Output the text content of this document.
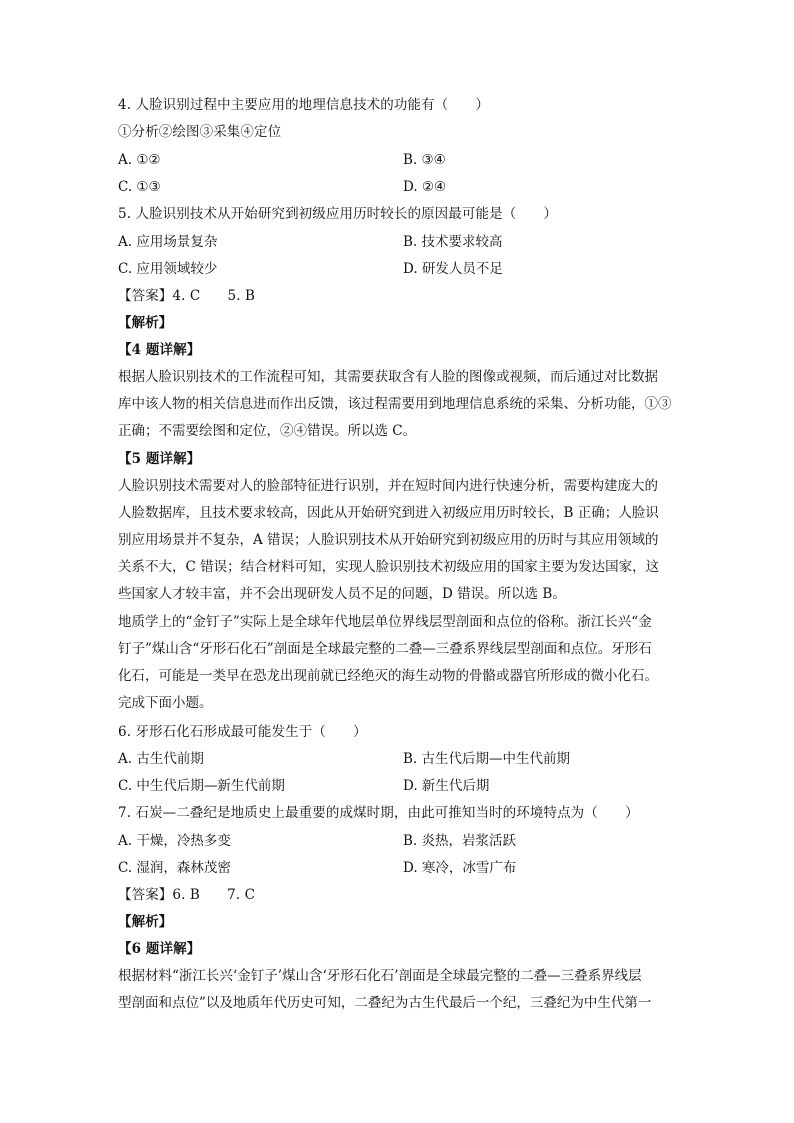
4. 人脸识别过程中主要应用的地理信息技术的功能有（　　）
①分析②绘图③采集④定位
A. ①②	B. ③④
C. ①③	D. ②④
5. 人脸识别技术从开始研究到初级应用历时较长的原因最可能是（　　）
A. 应用场景复杂	B. 技术要求较高
C. 应用领域较少	D. 研发人员不足
【答案】4. C　　5. B
【解析】
【4 题详解】
根据人脸识别技术的工作流程可知，其需要获取含有人脸的图像或视频，而后通过对比数据
库中该人物的相关信息进而作出反馈，该过程需要用到地理信息系统的采集、分析功能，①③
正确；不需要绘图和定位，②④错误。所以选 C。
【5 题详解】
人脸识别技术需要对人的脸部特征进行识别，并在短时间内进行快速分析，需要构建庞大的
人脸数据库，且技术要求较高，因此从开始研究到进入初级应用历时较长，B 正确；人脸识
别应用场景并不复杂，A 错误；人脸识别技术从开始研究到初级应用的历时与其应用领域的
关系不大，C 错误；结合材料可知，实现人脸识别技术初级应用的国家主要为发达国家，这
些国家人才较丰富，并不会出现研发人员不足的问题，D 错误。所以选 B。
地质学上的“金钉子”实际上是全球年代地层单位界线层型剖面和点位的俗称。浙江长兴“金
钉子”煤山含“牙形石化石”剖面是全球最完整的二叠—三叠系界线层型剖面和点位。牙形石
化石，可能是一类早在恐龙出现前就已经绝灭的海生动物的骨骼或器官所形成的微小化石。
完成下面小题。
6. 牙形石化石形成最可能发生于（　　）
A. 古生代前期	B. 古生代后期—中生代前期
C. 中生代后期—新生代前期	D. 新生代后期
7. 石炭—二叠纪是地质史上最重要的成煤时期，由此可推知当时的环境特点为（　　）
A. 干燥，冷热多变	B. 炎热，岩浆活跃
C. 湿润，森林茂密	D. 寒冷，冰雪广布
【答案】6. B　　7. C
【解析】
【6 题详解】
根据材料“浙江长兴‘金钉子’煤山含‘牙形石化石’剖面是全球最完整的二叠—三叠系界线层
型剖面和点位”以及地质年代历史可知，二叠纪为古生代最后一个纪，三叠纪为中生代第一
